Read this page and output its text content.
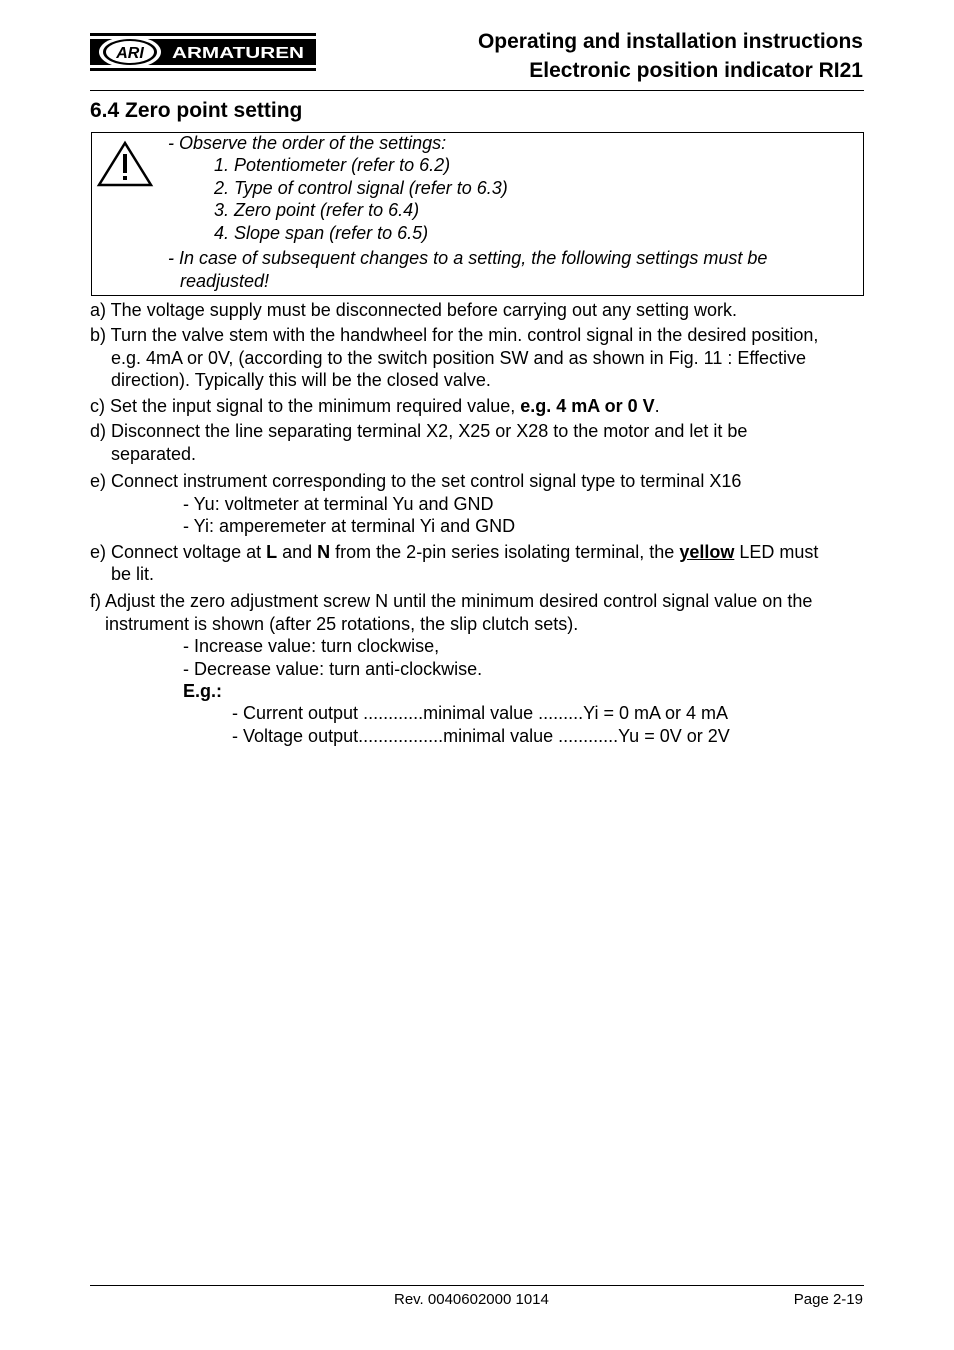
ARI ARMATUREN
Operating and installation instructions
Electronic position indicator RI21
6.4 Zero point setting
- Observe the order of the settings:
1. Potentiometer (refer to 6.2)
2. Type of control signal (refer to 6.3)
3. Zero point (refer to 6.4)
4. Slope span (refer to 6.5)
- In case of subsequent changes to a setting, the following settings must be
readjusted!
a) The voltage supply must be disconnected before carrying out any setting work.
b) Turn the valve stem with the handwheel for the min. control signal in the desired position,
e.g. 4mA or 0V, (according to the switch position SW and as shown in Fig. 11 : Effective
direction). Typically this will be the closed valve.
c) Set the input signal to the minimum required value, e.g. 4 mA or 0 V.
d) Disconnect the line separating terminal X2, X25 or X28 to the motor and let it be
separated.
e) Connect instrument corresponding to the set control signal type to terminal X16
- Yu: voltmeter at terminal Yu and GND
- Yi: amperemeter at terminal Yi and GND
e) Connect voltage at L and N from the 2-pin series isolating terminal, the yellow LED must
be lit.
f) Adjust the zero adjustment screw N until the minimum desired control signal value on the
instrument is shown (after 25 rotations, the slip clutch sets).
- Increase value: turn clockwise,
- Decrease value: turn anti-clockwise.
E.g.:
- Current output ............minimal value .........Yi = 0 mA or 4 mA
- Voltage output.................minimal value ............Yu = 0V or 2V
Rev. 0040602000 1014	Page 2-19
